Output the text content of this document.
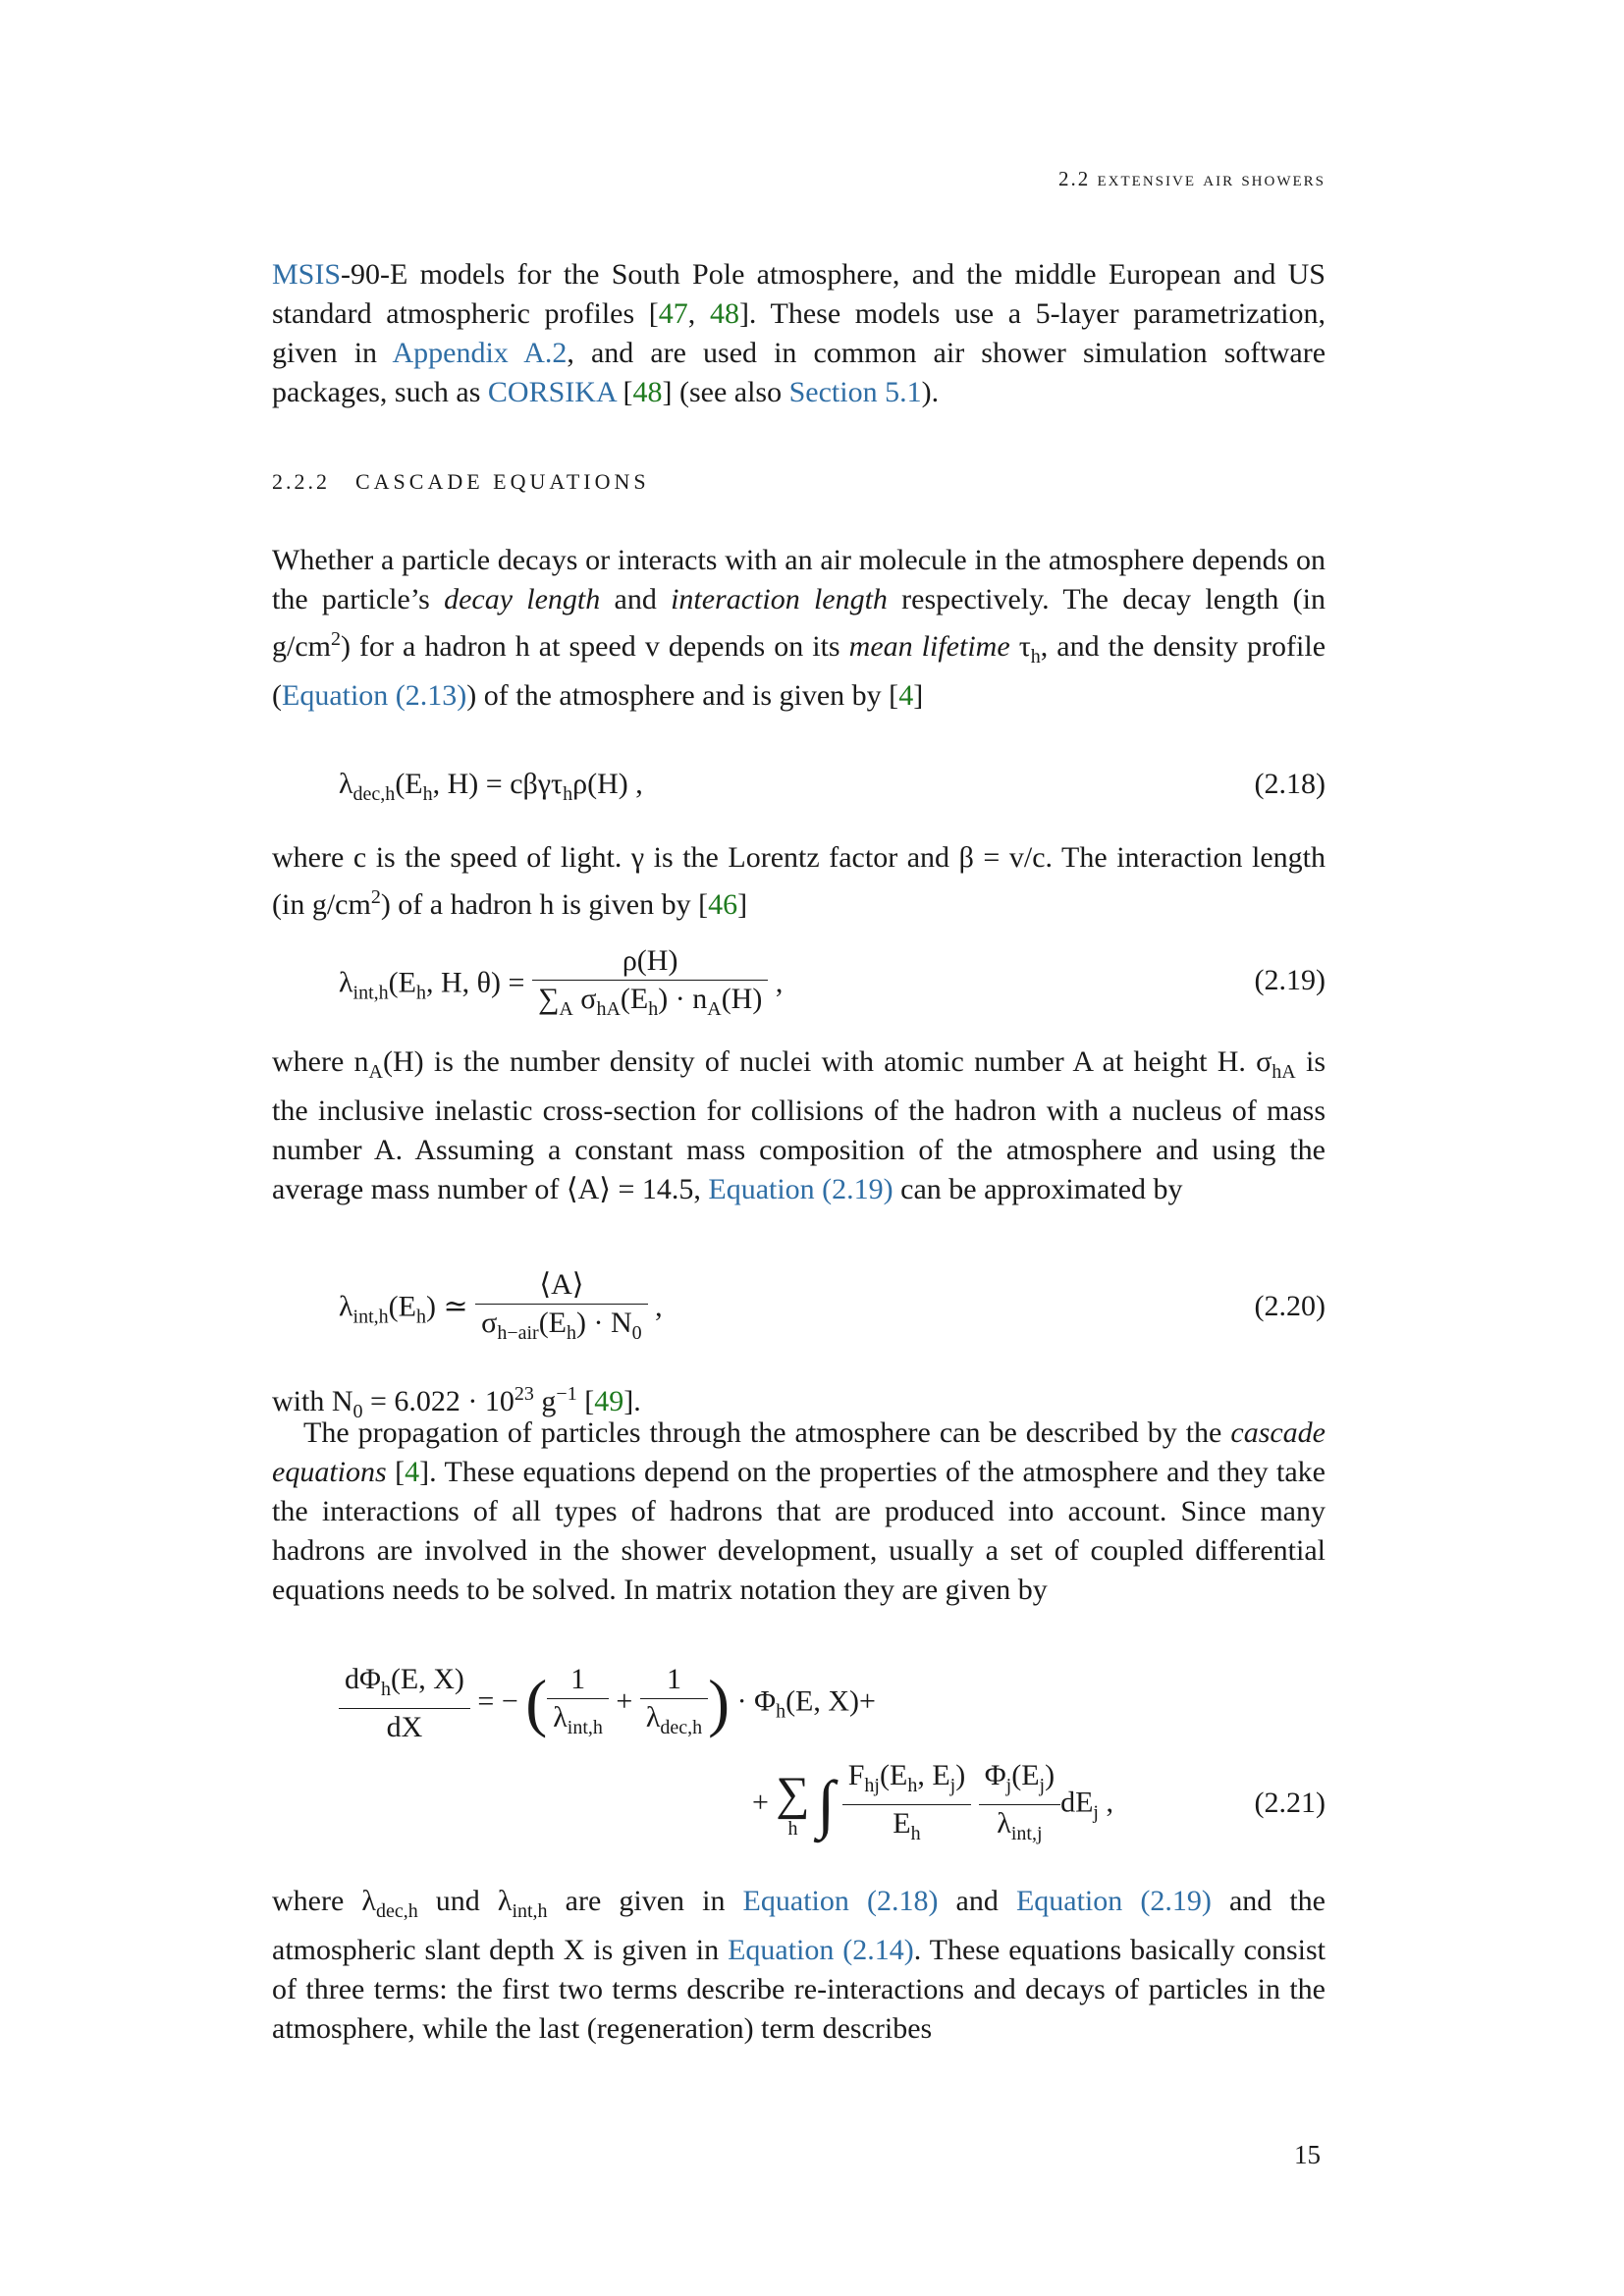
2.2 extensive air showers

MSIS-90-E models for the South Pole atmosphere, and the middle European and US standard atmospheric profiles [47, 48]. These models use a 5-layer parametrization, given in Appendix A.2, and are used in common air shower simulation software packages, such as CORSIKA [48] (see also Section 5.1).

2.2.2 CASCADE EQUATIONS

Whether a particle decays or interacts with an air molecule in the atmosphere depends on the particle’s decay length and interaction length respectively. The decay length (in $g/cm^2$) for a hadron h at speed v depends on its mean lifetime $\tau_h$, and the density profile (Equation (2.13)) of the atmosphere and is given by [4]

$\lambda_{dec,h}(E_h$, H) = cβγτ$_h$ρ(H) ,	(2.18)

where c is the speed of light. γ is the Lorentz factor and β = v/c. The interaction length (in $g/cm^2$) of a hadron h is given by [46]

$\lambda_{int,h}(E_h$, H, $\theta) = \frac{\rho(H)}{\sum_A \sigma_{hA}(E_h) \cdot n_A(H)}$ ,	(2.19)

where $n_A(H)$ is the number density of nuclei with atomic number A at height H. $\sigma_{hA}$ is the inclusive inelastic cross-section for collisions of the hadron with a nucleus of mass number A. Assuming a constant mass composition of the atmosphere and using the average mass number of ⟨A⟩ = 14.5, Equation (2.19) can be approximated by

$\lambda_{int,h}(E_h)$ ≃ $\frac{⟨A⟩}{\sigma_{h-air}(E_h) \cdot N_0}$ ,	(2.20)

with $N_0 = 6.022 \cdot 10^{23}$ $g^{-1}$ [49].

The propagation of particles through the atmosphere can be described by the cascade equations [4]. These equations depend on the properties of the atmosphere and they take the interactions of all types of hadrons that are produced into account. Since many hadrons are involved in the shower development, usually a set of coupled differential equations needs to be solved. In matrix notation they are given by

$\frac{d\Phi_h(E, X)}{dX}$ = − ( $\frac{1}{\lambda_{int,h}} + \frac{1}{\lambda_{dec,h}}$ ) · $\Phi_h(E$, X)+
+ ∑
h ∫ $\frac{F_{hj}(E_h, E_j)}{E_h}$
$\frac{\Phi_j(E_j)}{\lambda_{int,j}} dE_j$ ,	(2.21)

where $\lambda_{dec,h}$ und $\lambda_{int,h}$ are given in Equation (2.18) and Equation (2.19) and the atmospheric slant depth X is given in Equation (2.14). These equations basically consist of three terms: the first two terms describe re-interactions and decays of particles in the atmosphere, while the last (regeneration) term describes

15
